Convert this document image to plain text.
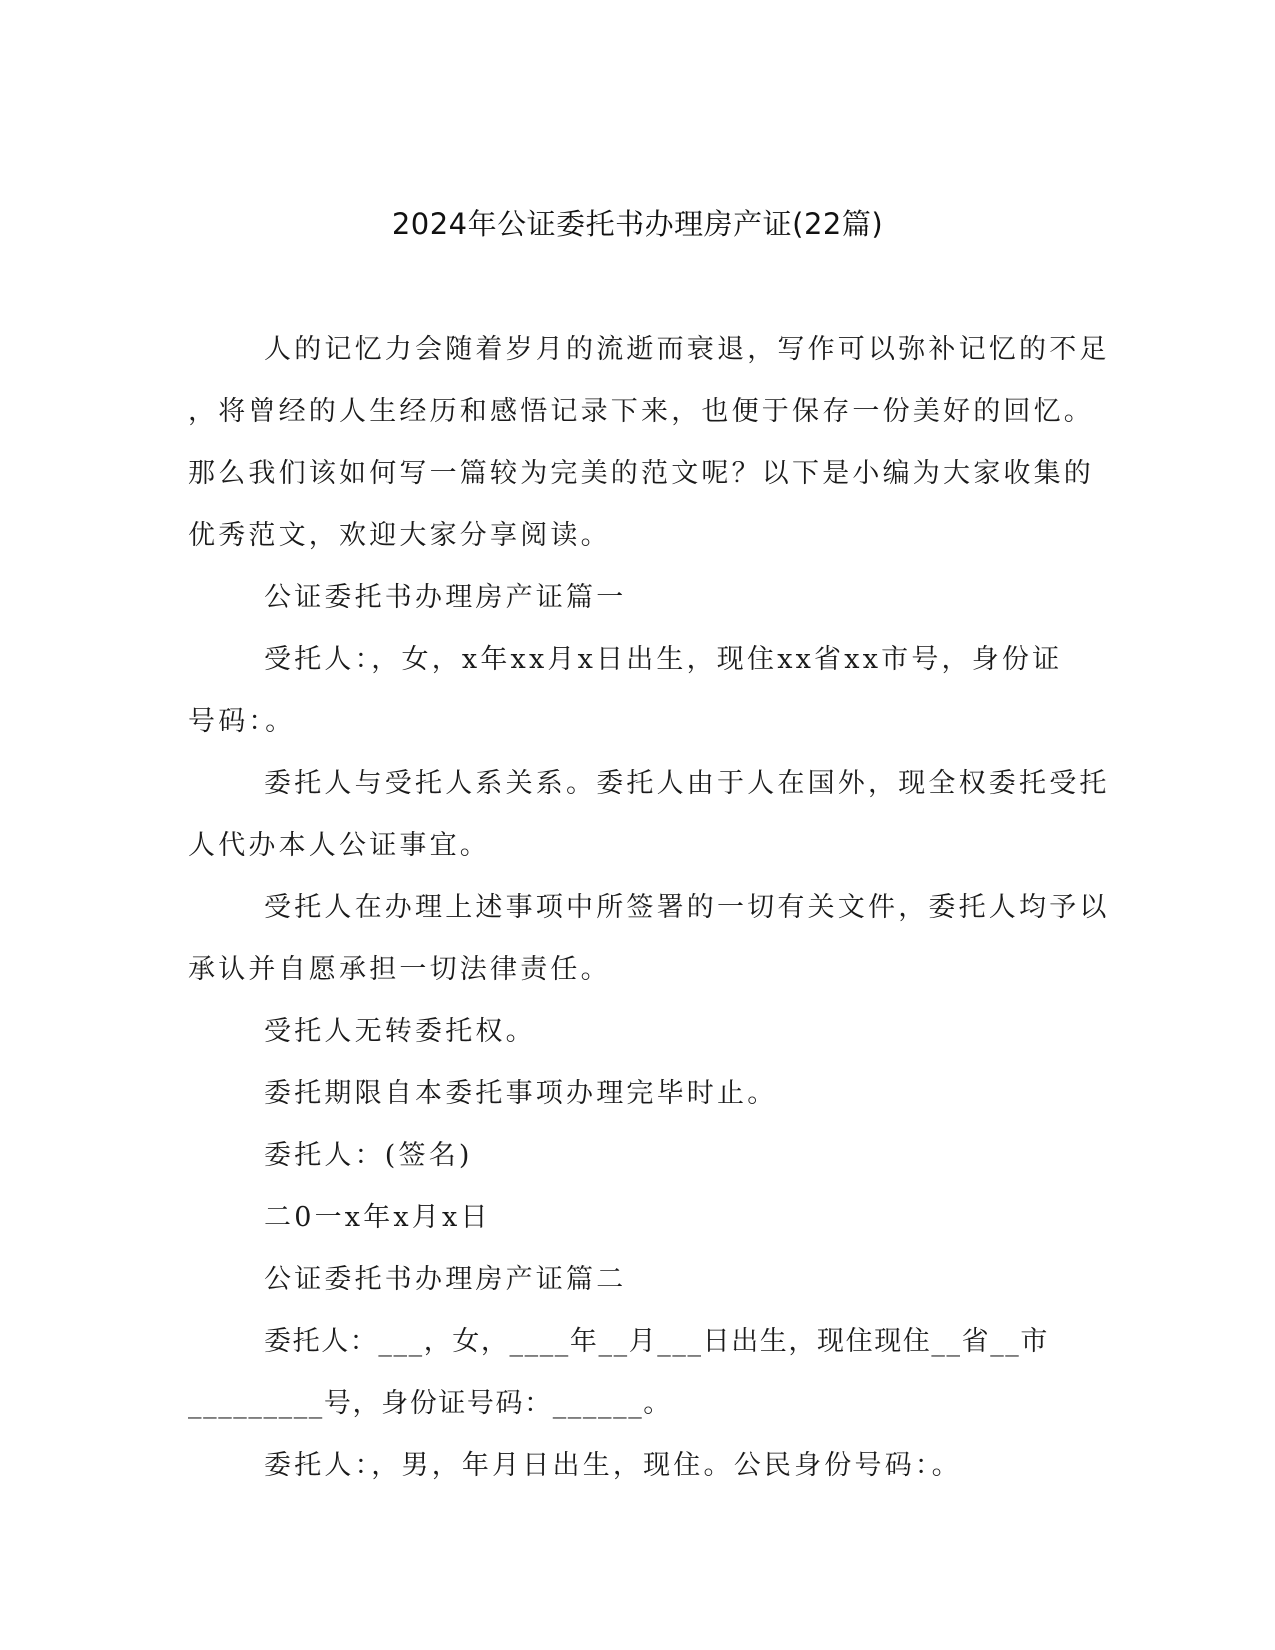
2024年公证委托书办理房产证(22篇)
人的记忆力会随着岁月的流逝而衰退，写作可以弥补记忆的不足
，将曾经的人生经历和感悟记录下来，也便于保存一份美好的回忆。
那么我们该如何写一篇较为完美的范文呢？以下是小编为大家收集的
优秀范文，欢迎大家分享阅读。
公证委托书办理房产证篇一
受托人：，女，x年xx月x日出生，现住xx省xx市号，身份证
号码：。
委托人与受托人系关系。委托人由于人在国外，现全权委托受托
人代办本人公证事宜。
受托人在办理上述事项中所签署的一切有关文件，委托人均予以
承认并自愿承担一切法律责任。
受托人无转委托权。
委托期限自本委托事项办理完毕时止。
委托人：(签名)
二0一x年x月x日
公证委托书办理房产证篇二
委托人：___，女，____年__月___日出生，现住现住__省__市
_________号，身份证号码：______。
委托人：，男，年月日出生，现住。公民身份号码：。
